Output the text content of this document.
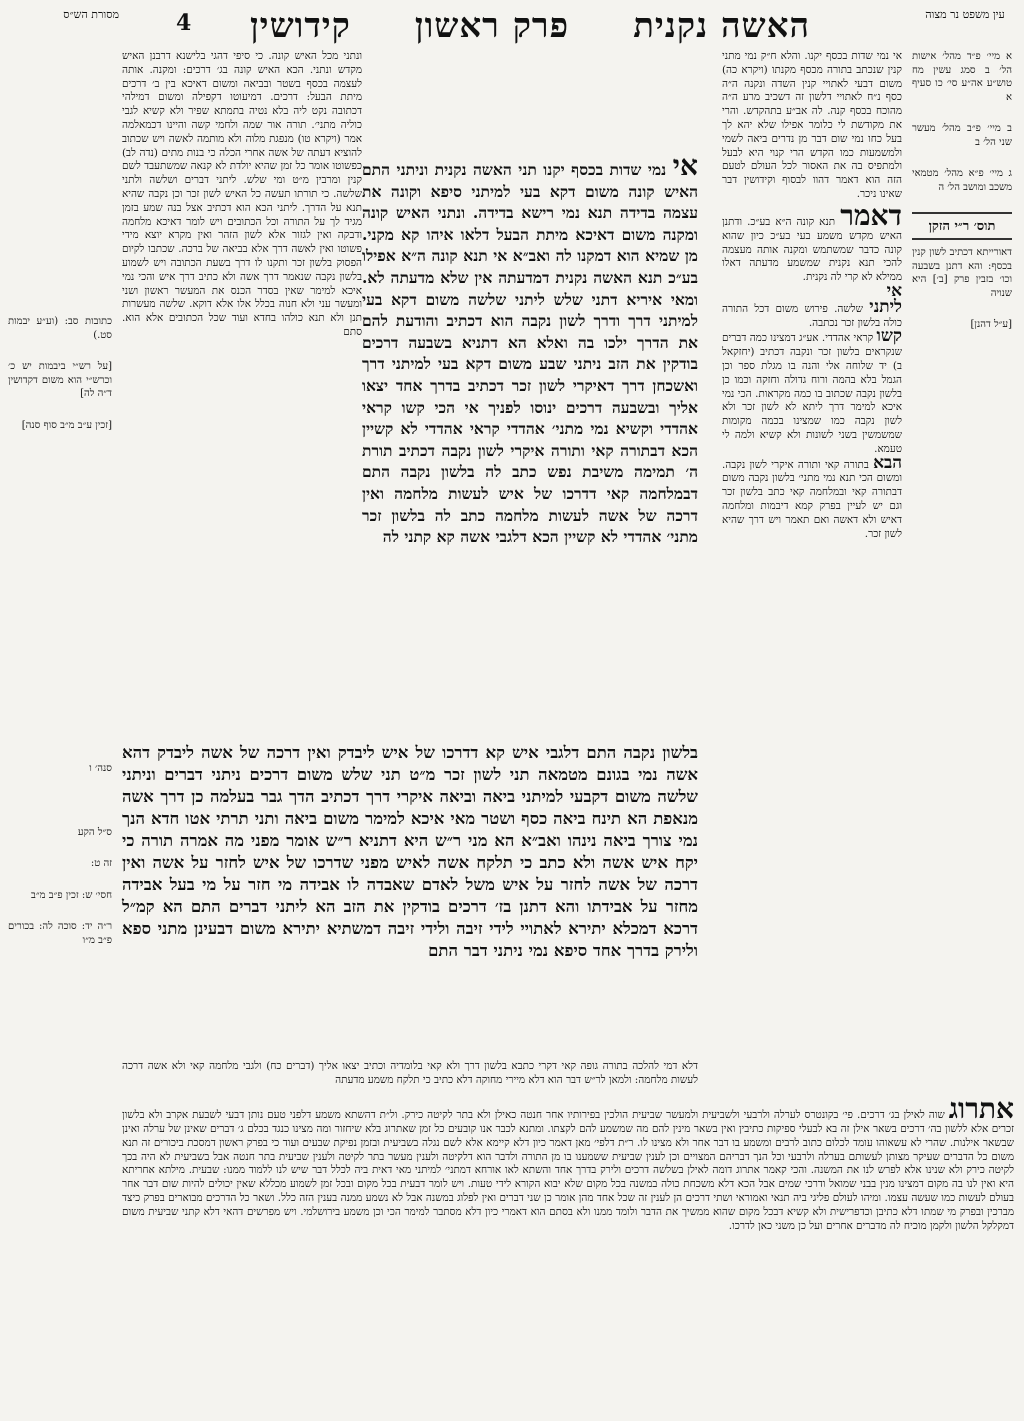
עין משפט נר מצוה
4	האשה נקנית
פרק ראשון
קידושין
מסורת הש״ס

א מיי׳ פ״ד מהל׳ אישות הל׳ ב סמג עשין מח טוש״ע אה״ע סי׳ כו סעיף א

ב מיי׳ פ״ב מהל׳ מעשר שני הל׳ ב

ג מיי׳ פ״א מהל׳ מטמאי משכב ומושב הל׳ ה

תוס׳ ר״י הזקן

דאורייתא דכתיב לשון קנין בכסף: והא דתנן בשבעה וכו׳ בזבין פרק [ב׳] היא שנויה

[ע״ל דהנן]

אי נמי שדות בכסף יקנו. והלא ח״ק נמי מתני קנין שנכתב בתורה מכסף מקנתו (ויקרא כה) משום דבעי לאתויי קנין השדה ונקנה ה״ה כסף נ״ח לאתויי דלשון זה דשכיב מרע ה״ה מהוכח בכסף קנה. לה אב״ע בתהקדש. והרי את מקודשת לי כלומר אפילו שלא יהא לך בעל כחו נמי שום דבר מן נדרים ביאה לשמי ולמשמעות כמו הקדש הרי קנוי היא לבעל ולמתפיס בה את האסור לכל העולם לטעם הזה הוא דאמר דהוו לבסוף וקידושין דבר שאינו ניכר.

דאמר תנא קונה ה״א בע״כ. ודתנן האיש מקדש משמע בעי בע״כ כיון שהוא קונה כדבר שמשתמש ומקנה אותה מעצמה להכי תנא נקנית שמשמע מדעתה דאלו ממילא לא קרי לה נקנית.

אי

ליתני שלשה. פירוש משום דכל התורה כולה בלשון זכר נכתבה.

קשו קראי אהדדי. אע״ג דמצינו כמה דברים שנקראים בלשון זכר ונקבה דכתיב (יחזקאל ב) יד שלוחה אלי והנה בו מגלת ספר וכן הגמל בלא בהמה ורוח גדולה וחזקה וכמו כן בלשון נקבה שכתוב בו כמה מקראות. הכי נמי איכא למימר דרך ליתא לא לשון זכר ולא לשון נקבה כמו שמצינו בכמה מקומות שמשמשין בשני לשונות ולא קשיא ולמה לי טעמא.

הבא בתורה קאי ותורה איקרי לשון נקבה. ומשום הכי תנא נמי מתני׳ בלשון נקבה משום דבתורה קאי ובמלחמה קאי כתב בלשון זכר וגם יש לעיין בפרק קמא דיבמות ומלחמה דאיש ולא דאשה ואם תאמר ויש דרך שהיא לשון זכר.

אי נמי שדות בכסף יקנו תני האשה נקנית וניתני התם האיש קונה משום דקא בעי למיתני סיפא וקונה את עצמה בדידה תנא נמי רישא בדידה. ונתני האיש קונה ומקנה משום דאיכא מיתת הבעל דלאו איהו קא מקני. מן שמיא הוא דמקנו לה ואב״א אי תנא קונה ה״א אפילו בע״כ תנא האשה נקנית דמדעתה אין שלא מדעתה לא. ומאי איריא דתני שלש ליתני שלשה משום דקא בעי למיתני דרך ודרך לשון נקבה הוא דכתיב והודעת להם את הדרך ילכו בה ואלא הא דתניא בשבעה דרכים בודקין את הזב ניתני שבע משום דקא בעי למיתני דרך ואשכחן דרך דאיקרי לשון זכר דכתיב בדרך אחד יצאו אליך ובשבעה דרכים ינוסו לפניך אי הכי קשו קראי אהדדי וקשיא נמי מתני׳ אהדדי קראי אהדדי לא קשיין הכא דבתורה קאי ותורה איקרי לשון נקבה דכתיב תורת ה׳ תמימה משיבת נפש כתב לה בלשון נקבה התם דבמלחמה קאי דדרכו של איש לעשות מלחמה ואין דרכה של אשה לעשות מלחמה כתב לה בלשון זכר מתני׳ אהדדי לא קשיין הכא דלגבי אשה קא קתני לה

ונתני מכל האיש קונה. כי סיפי דהגי בלישנא דרבנן האיש מקדש ונתני. הכא האיש קונה בג׳ דרכים: ומקנה. אותה לעצמה בכסף בשטר ובביאה ומשום דאיכא בין ב׳ דרכים מיתת הבעל: דרכים. דמיעוטו דקפילה ומשום דמילהי דכתובה נקט ליה בלא נטיה בתמתא שפיר ולא קשיא לגבי כוליה מתני׳. תורה אור שמה ולחמי קשה והיינו דכמאלמה אמר (ויקרא טו) מנפגת מלוה ולא מותמה לאשה ויש שכתוב להוציא דעתה של אשה אחרי הכלה כי בנות מתים (נדה לב) כפשוטו אומר כל זמן שהיא יולדת לא קנאה שמשתעבד לשם קנין ומרבין מ״ט ומי שלש. ליתני דברים ושלשה ולתני שלשה. כי תורתו תעשה כל האיש לשון זכר וכן נקבה שהיא תנא על הדרך. ליתני הכא הוא דכתיב אצל בנה שמע בזמן מגיד לך על התורה וכל הכתובים ויש לומר דאיכא מלחמה ודבקה ואין לגזור אלא לשון הזהר ואין מקרא יוצא מידי פשוטו ואין לאשה דרך אלא בביאה של ברכה. שכתבו לקיום הפסוק בלשון זכר ותקנו לו דרך בשעת הכתובה ויש לשמוע בלשון נקבה שנאמר דרך אשה ולא כתיב דרך איש והכי נמי איכא למימר שאין בסדר הכנס את המעשר ראשון ושני ומעשר עני ולא חנוה בכלל אלו אלא דוקא. שלשה מעשרות תנן ולא תנא כולהו בחדא ועוד שכל הכתובים אלא הוא. סתם

בלשון נקבה התם דלגבי איש קא דדרכו של איש ליבדק ואין דרכה של אשה ליבדק דהא אשה נמי בגונם מטמאה תני לשון זכר מ״ט תני שלש משום דרכים ניתני דברים וניתני שלשה משום דקבעי למיתני ביאה וביאה איקרי דרך דכתיב הדך גבר בעלמה כן דרך אשה מנאפת הא תינח ביאה כסף ושטר מאי איכא למימר משום ביאה ותני תרתי אטו חדא הנך נמי צורך ביאה נינהו ואב״א הא מני ר״ש היא דתניא ר״ש אומר מפני מה אמרה תורה כי יקח איש אשה ולא כתב כי תלקח אשה לאיש מפני שדרכו של איש לחזר על אשה ואין דרכה של אשה לחזר על איש משל לאדם שאבדה לו אבידה מי חזר על מי בעל אבידה מחזר על אבידתו והא דתנן בז׳ דרכים בודקין את הזב הא ליתני דברים התם הא קמ״ל דרכא דמכלא יתירא לאתויי לידי זיבה ולידי זיבה דמשתיא יתירא משום דבעינן מתני ספא ולירק בדרך אחד סיפא נמי ניתני דבר התם

דלא דמי להלכה בתורה גופה קאי דקרי כתבא בלשון דרך ולא קאי בלומדיה וכתיב יצאו אליך (דברים כח) ולגבי מלחמה קאי ולא אשה דרכה לעשות מלחמה: ולמאן לר״ש דבר הוא דלא מיירי מחוקה דלא כתיב כי תלקח משמע מדעתה

אתרוג שוה לאילן בג׳ דרכים. פי׳ בקונטרס לערלה ולרבעי ולשביעית ולמעשר שביעית הולכין בפירותיו אחר חנטה כאילן ולא בתר לקיטה כירק. ול״ת דהשתא משמע דלפני טעם נותן דבעי לשבעת אקרב ולא בלשון זכרים אלא ללשון בה׳ דרכים בשאר אילן זה בא לבעלי ספיקות כתיבין ואין בשאר מינין להם מה שמשמע להם לקצתו. ומתנא לכבר אנו קובעים כל זמן שאתרוג בלא שיחזור ומה מצינו כנגד בכלם ג׳ דברים שאינן של ערלה ואינן שבשאר אילנות. שהרי לא עשאוהו עומד לכלום כתוב לרבים ומשמע בו דבר אחר ולא מצינו לו. ר״ת דלפי׳ מאן דאמר כיון דלא קיימא אלא לשם נגלה בשביעית ובזמן נפיקת שבעים ועוד כי בפרק ראשון דמסכת ביכורים זה תנא משום כל הדברים שעיקר מצותן לעשותם בערלה ולרבעי וכל הנך דבריהם המצויים וכן לענין שביעית ששמענו בו מן התורה ולדבר הוא דלקיטה ולענין מעשר בתר לקיטה ולענין שביעית בתר חנטה אבל בשביעית לא היה בכך לקיטה כירק ולא שנינו אלא לפרש לנו את המשנה. והכי קאמר אתרוג דומה לאילן בשלשה דרכים ולירק בדרך אחד והשתא לאו אורחא דמתני׳ למיתני מאי דאית ביה לכלל דבר שיש לנו ללמוד ממנו: שבעית. מילתא אחריתא היא ואין לנו בה מקום דמצינו מנין בבני שמואל ודרכי שמים אבל הכא דלא משכחת כולה במשנה בכל מקום שלא יבוא הקורא לידי טעות. ויש לומר דבעית בכל מקום ובכל זמן לשמוע מכללא שאין יכולים להיות שום דבר אחר בעולם לעשות כמו שעשה עצמו. ומיהו לעולם פליגי ביה תנאי ואמוראי ושתי דרכים הן לענין זה שכל אחד מהן אומר כן שני דברים ואין לפלוג במשנה אבל לא נשמע ממנה בענין הזה כלל. ושאר כל הדרכים מבוארים בפרק כיצד מברכין ובפרק מי שמתו דלא כתיבן וכדפרישית ולא קשיא דבכל מקום שהוא ממשיך את הדבר ולומד ממנו ולא בסתם הוא דאמרי כיון דלא מסתבר למימר הכי וכן משמע בירושלמי. ויש מפרשים דהאי דלא קתני שביעית משום דמקלקל הלשון ולקמן מוכיח לה מדברים אחרים ועל כן משני כאן לדרכו.

כתובות סב: (וע״ע יבמות סט.)

[על רש״י ביבמות יש כ׳ וכרש״י הוא משום דקדושין ד״ה לה]

[זכין ע״ב מ״ב סוף סנה]

סנה׳ ו

ס״ל הקע

זה ט:

חסי׳ ש: זכין פ״ב מ״ב

ר״ה יד: סוכה לה: בכורים פ״ב מ״ו
